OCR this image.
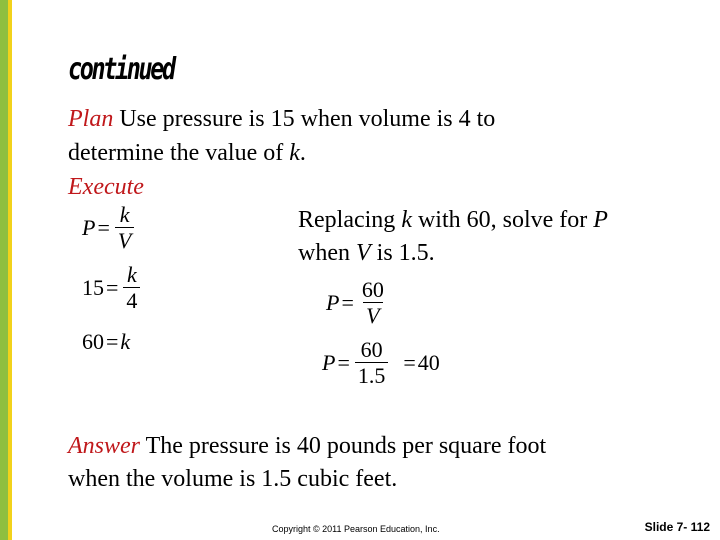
continued
Plan Use pressure is 15 when volume is 4 to
determine the value of k.
Execute
Replacing k with 60, solve for P
when V is 1.5.
$P = \frac{k}{V}$
$15 = \frac{k}{4}$
60 = k
$P = \frac{60}{V}$
$P = \frac{60}{1.5} = 40$
Answer The pressure is 40 pounds per square foot
when the volume is 1.5 cubic feet.
Copyright © 2011 Pearson Education, Inc.	Slide 7- 112
